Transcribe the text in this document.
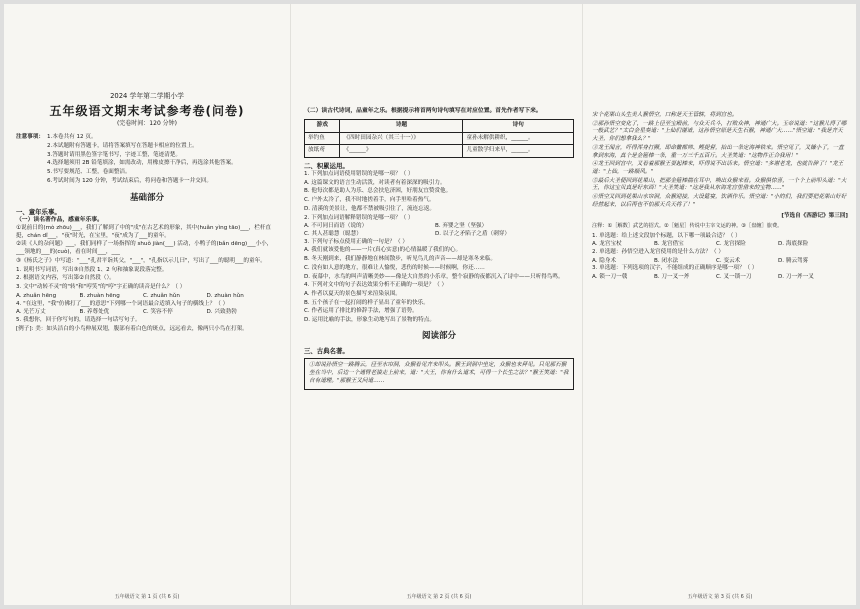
2024 学年第二学期小学
五年级语文期末考试参考卷(问卷)
(完卷时间：120 分钟)
注意事项： 1.本卷共有 12 页。

2.本试题附有答题卡，请将答案填写在答题卡相应的位置上。

3.答题时请用黑色签字笔书写，字迹工整，笔迹清楚。

4.选择题须用 2B 铅笔填涂，如需改动，用橡皮擦干净后，再选涂其他答案。

5.书写要规范、工整，卷面整洁。

6.考试时间为 120 分钟，考试结束后，将问卷和答题卡一并交回。

基础部分
一、童年乐事。
（一）读名著作品，感童年乐事。

①说前日的(mò zhōu)___，我们了解到了中的"戌"在古艺术的形象，其中(huǎn yìng tāo)___，栏杆直挺，chán dǐ___，"夜"时光，在宝里，"夜"成为了___的童年。

②读《人的杂问题》___，我们同样了一场指挥的 shuǒ jiàn(___) 活动，小鸭子的(bǎn dēng)___小小，___领地的___的(cuò)，看在时间___，___

③《杨氏之子》中写道："___"孔君平诣其父，"___"，"孔指以示儿曰"，写出了___的聪明___的童年。

1. 说明书写词语，写出③自然段 1、2 句和抽象说段落完整。

2. 根据语文内容，写出第②自然段（）。

3. 文中"动转不灵"的"转"和"哼笑"的"哼"字正确的读音是什么？（ ）

A. zhuǎn hēng	B. zhuàn hēng	C. zhuǎn hǔn	D. zhuàn hǔn

4. "在这里，"我"仿佛打了___的意思"下列哪一个词语最合适填入句子的横线上？（ ）

A. 光芒万丈	B. 养尊处优	C. 笑容不停	D. 兴致勃勃

5. 我想你，回于你写句的，请选择一句话写句子。

[例子]: 美：如头洁白的小鸟伸展双翅，腹部有着白色的斑点，远远看去，像两只小鸟在打架。

五年级语文 第 1 页 (共 6 页)
（二）读古代诗词，品童年之乐。根据提示将首两句诗句填写在对应位置。首先作者写下来。
游戏	诗题	诗句
举钓鱼	《四时田园杂兴（其三十一）》	童孙未解供耕织，______。
放纸鸢	《______》	儿童散学归来早，______。
二、积累运用。

1. 下列加点词语使用错误的是哪一项？（ ）

A. 这篇课文的语言生动活泼，对读者有着深深的吸引力。

B. 他每次都是助人为乐、总会扶危济困，好朋友宜赞赏他。

C. 户外太冷了，我不时地搓着手，向手里哈着热气。

D. 清溪的美景让，他都不禁被吸引住了，流连忘返。

2. 下列加点词语解释错误的是哪一项？（ ）

A. 不可同日而语（说的）	B. 弃婴之坚（坚强）
C. 其人甚聪慧（聪慧）	D. 以子之矛陷子之盾（刺穿）

3. 下列句子标点使用正确的一句是？（ ）

A. 我们就该爱他的——一片(真心实意)的心情温暖了我们的心。

B. 冬天刚到来，我们静静地在林间散步，听见鸟儿的声音——却是寒冬来临。

C. 没有如人意的地方，很难让人愉悦，悲伤的时候——时候啊，你还……

D. 夜幕中，水鸟的叫声清晰美妙——像是大自然的小乐章，整个寂静的夜都沉入了诗中——只听得鸟鸣。

4. 下列对文中的句子表达效果分析不正确的一项是？（ ）

A. 作者以夏天的景色描写来渲染氛围。

B. 五个孩子在一起打闹的样子显出了童年的快乐。

C. 作者运用了排比的修辞手法，增强了语势。

D. 运用比喻的手法，形象生动地写出了景物的特点。

阅读部分
三、古典名著。
①却说孙悟空一路腾云，径至水帘洞，众猴看见齐来叩头。猴王到洞中坐定，众猴也来拜见。只见那石猴坐在当中，后边一个通臂老猿走上前来，道："大王，你有什么道术，可得一个长生之法？"猴王笑道："我自有道理。"那猴王又问道……
五年级语文 第 2 页 (共 6 页)

宋个花果山头生美人猴悟空，口称是天王管辖，将到宫也。

②那孙悟空变化了，一路上径至宝殿前，与众天兵斗，打败众神，神通广大。玉帝说道："这猴儿得了哪一般武艺？"太白金星奏道："上仙们谨请，这孙悟空原是天生石猴，神通广大……"悟空道："我是齐天大圣，你们想拿我么？"

③龙王闻言，吓得浑身打颤，即命鳖都帅、鲤提督，抬出一条定海神铁来。悟空见了，又嫌小了，一直拿到东海，真个是金箍棒一条，重一万三千五百斤。大圣笑道："这物件正合我用！"

④龙王回到宫中，又看着那猴王耍起棒来，吓得说不出话来。悟空道："多谢老龙，也就告辞了！"龙王道："上仙，一路顺风。"

⑤最后大圣便回到花果山，把那金箍棒揣在耳中，唤出众猴来看。众猴俱惊喜，一个个上前叩头道："大王，你这宝贝真是好东西！"大圣笑道："这是我从东海龙宫里借来的宝物……"

⑥悟空又回到花果山水帘洞，众猴迎接，大设筵宴，饮酒作乐。悟空道："小的们，我们要把花果山好好经营起来，以后再也不怕那天兵天将了！"

[节选自《西游记》第三回]
注释：①［解数］武艺的招式。②［魁星］传说中主宰文运的神。③［盘缠］旅费。

1. 单选题：给上述文段加个标题，以下哪一项最合适？（ ）

A. 龙宫宝杖	B. 龙宫借宝	C. 龙宫探险	D. 海底探险

2. 单选题：孙悟空进入龙宫使用的是什么方法？（ ）

A. 隐身术	B. 闭水法	C. 变云术	D. 腾云驾雾

3. 单选题：下列选项的汉字，不能组成的正确顺序是哪一项？（ ）

A. 锁一刀一戟	B. 刀一叉一斧	C. 叉一锁一刀	D. 刀一斧一叉
五年级语文 第 3 页 (共 6 页)
